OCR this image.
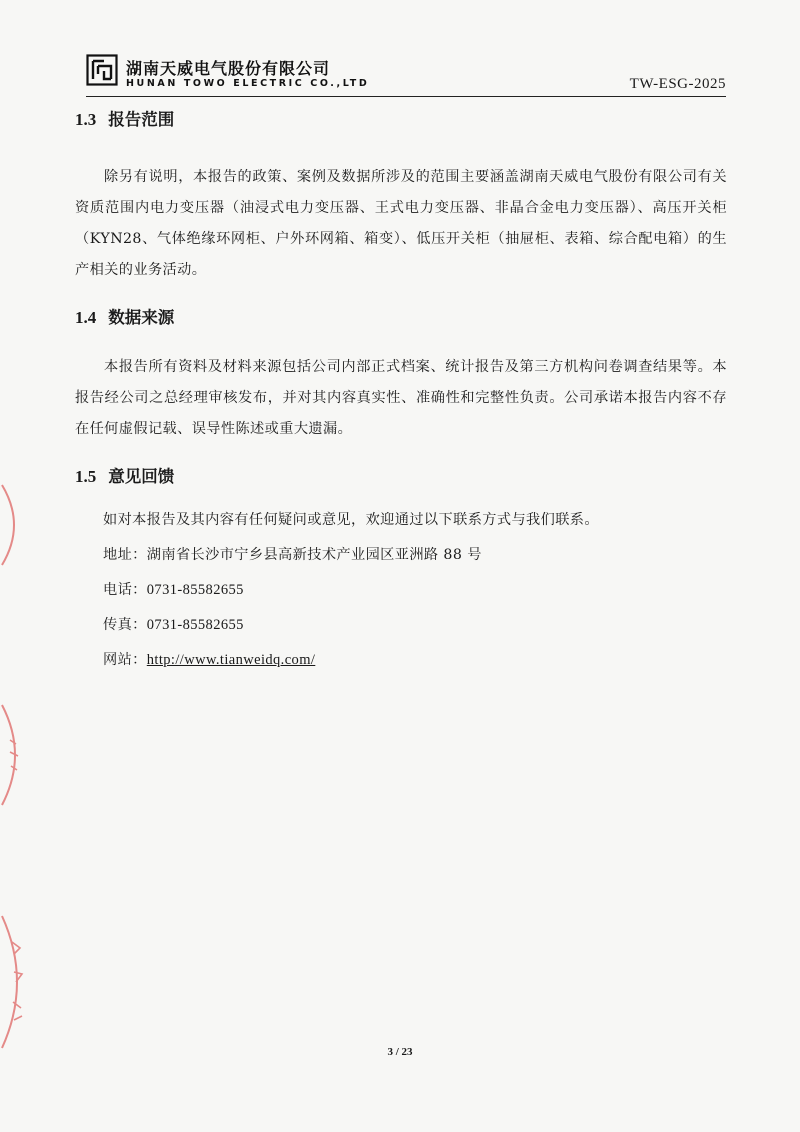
湖南天威电气股份有限公司
HUNAN TOWO ELECTRIC CO.,LTD	TW-ESG-2025
1.3 报告范围

除另有说明，本报告的政策、案例及数据所涉及的范围主要涵盖湖南天威电气股份有限公司有关资质范围内电力变压器（油浸式电力变压器、王式电力变压器、非晶合金电力变压器）、高压开关柜（KYN28、气体绝缘环网柜、户外环网箱、箱变）、低压开关柜（抽屉柜、表箱、综合配电箱）的生产相关的业务活动。

1.4 数据来源

本报告所有资料及材料来源包括公司内部正式档案、统计报告及第三方机构问卷调查结果等。本报告经公司之总经理审核发布，并对其内容真实性、准确性和完整性负责。公司承诺本报告内容不存在任何虚假记载、误导性陈述或重大遗漏。

1.5 意见回馈

如对本报告及其内容有任何疑问或意见，欢迎通过以下联系方式与我们联系。

地址：湖南省长沙市宁乡县高新技术产业园区亚洲路 88 号

电话：0731-85582655

传真：0731-85582655

网站：http://www.tianweidq.com/

3 / 23
